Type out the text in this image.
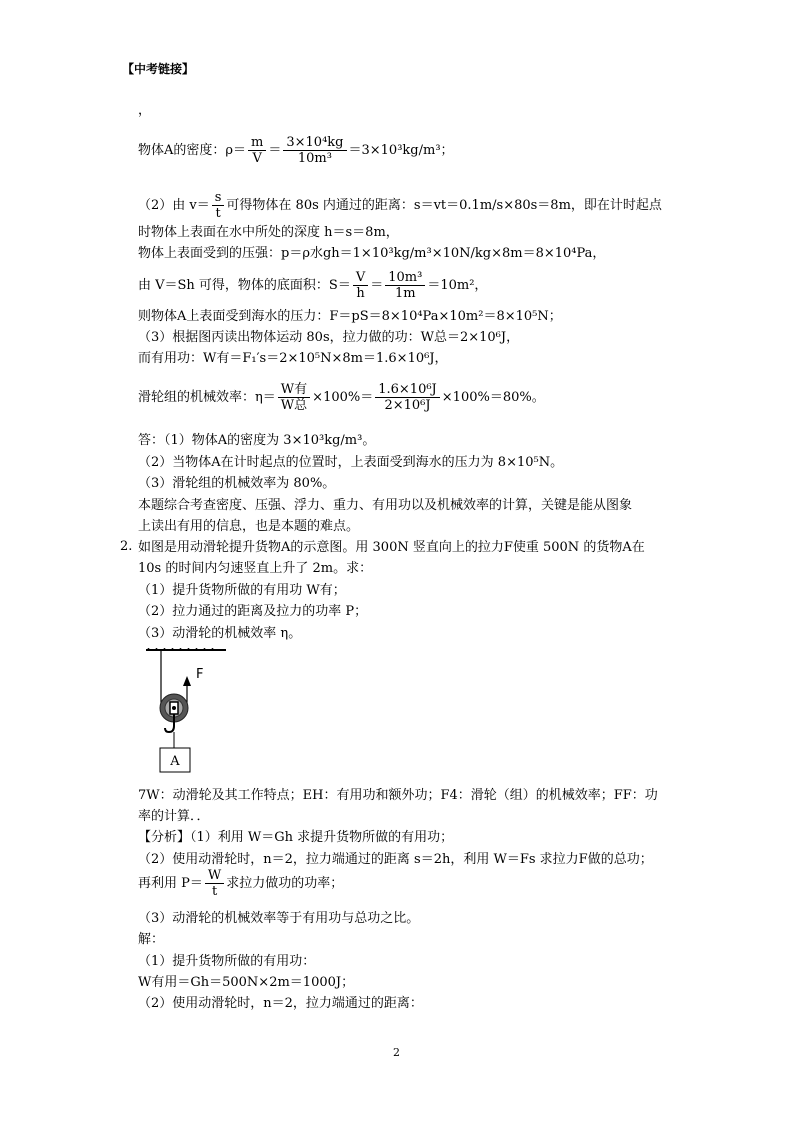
【中考链接】
，
物体A的密度：$\rho= \frac{m}{V} = \frac{\text{3×10⁴kg}}{\text{10m³}} =3\times 10^3kg/m^3$；
（2）由 $v= \frac{s}{t}$ 可得物体在 80s 内通过的距离：s＝vt＝0.1m/s×80s＝8m，即在计时起点
时物体上表面在水中所处的深度 h＝s＝8m，
物体上表面受到的压强：p＝ρ水gh＝1×10³kg/m³×10N/kg×8m＝8×10⁴Pa，
由 V＝Sh 可得，物体的底面积：$S= \frac{V}{h} = \frac{\text{10m³}}{1m} =10m^2$，
则物体A上表面受到海水的压力：F＝pS＝8×10⁴Pa×10m²＝8×10⁵N；
（3）根据图丙读出物体运动 80s，拉力做的功：W总＝2×10⁶J，
而有用功：W有＝F₁′s＝2×10⁵N×8m＝1.6×10⁶J，
滑轮组的机械效率：$\eta= \frac{\text{W有}}{\text{W总}} \times 100\%= \frac{\text{1.6×10⁶J}}{\text{2×10⁶J}} \times 100\%=80\%$。
答：（1）物体A的密度为 3×10³kg/m³。
（2）当物体A在计时起点的位置时，上表面受到海水的压力为 8×10⁵N。
（3）滑轮组的机械效率为 80%。
本题综合考查密度、压强、浮力、重力、有用功以及机械效率的计算，关键是能从图象
上读出有用的信息，也是本题的难点。
2. 如图是用动滑轮提升货物A的示意图。用 300N 竖直向上的拉力F使重 500N 的货物A在
10s 的时间内匀速竖直上升了 2m。求：
（1）提升货物所做的有用功 W有；
（2）拉力通过的距离及拉力的功率 P；
（3）动滑轮的机械效率 η。
F
A
7W：动滑轮及其工作特点；EH：有用功和额外功；F4：滑轮（组）的机械效率；FF：功
率的计算．．
【分析】（1）利用 W＝Gh 求提升货物所做的有用功；
（2）使用动滑轮时，n＝2，拉力端通过的距离 s＝2h，利用 W＝Fs 求拉力F做的总功；
再利用 $P= \frac{W}{t}$ 求拉力做功的功率；
（3）动滑轮的机械效率等于有用功与总功之比。
解：
（1）提升货物所做的有用功：
W有用＝Gh＝500N×2m＝1000J；
（2）使用动滑轮时，n＝2，拉力端通过的距离：
2
